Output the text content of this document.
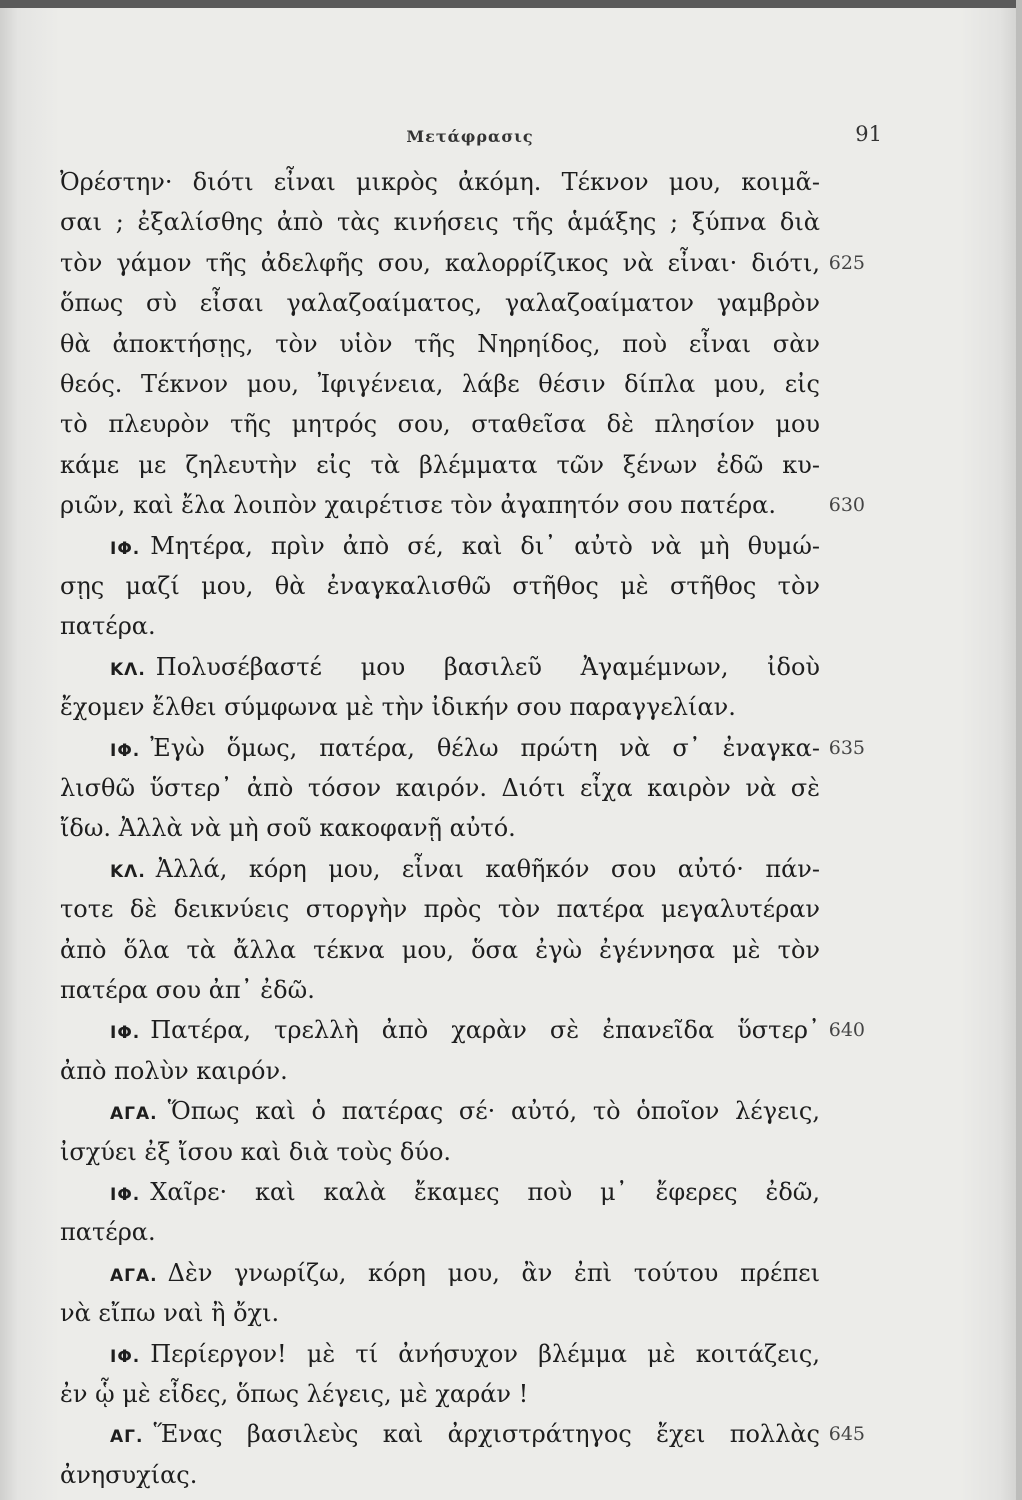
Μετάφρασις	91
Ὀρέστην· διότι εἶναι μικρὸς ἀκόμη. Τέκνον μου, κοιμᾶ-
σαι ; ἐξαλίσθης ἀπὸ τὰς κινήσεις τῆς ἁμάξης ; ξύπνα διὰ
τὸν γάμον τῆς ἀδελφῆς σου, καλορρίζικος νὰ εἶναι· διότι,
ὅπως σὺ εἶσαι γαλαζοαίματος, γαλαζοαίματον γαμβρὸν
θὰ ἀποκτήσῃς, τὸν υἱὸν τῆς Νηρηίδος, ποὺ εἶναι σὰν
θεός. Τέκνον μου, Ἰφιγένεια, λάβε θέσιν δίπλα μου, εἰς
τὸ πλευρὸν τῆς μητρός σου, σταθεῖσα δὲ πλησίον μου
κάμε με ζηλευτὴν εἰς τὰ βλέμματα τῶν ξένων ἐδῶ κυ-
ριῶν, καὶ ἔλα λοιπὸν χαιρέτισε τὸν ἀγαπητόν σου πατέρα.
ΙΦ. Μητέρα, πρὶν ἀπὸ σέ, καὶ δι᾽ αὐτὸ νὰ μὴ θυμώ-
σῃς μαζί μου, θὰ ἐναγκαλισθῶ στῆθος μὲ στῆθος τὸν
πατέρα.
ΚΛ. Πολυσέβαστέ μου βασιλεῦ Ἀγαμέμνων, ἰδοὺ
ἔχομεν ἔλθει σύμφωνα μὲ τὴν ἰδικήν σου παραγγελίαν.
ΙΦ. Ἐγὼ ὅμως, πατέρα, θέλω πρώτη νὰ σ᾽ ἐναγκα-
λισθῶ ὕστερ᾽ ἀπὸ τόσον καιρόν. Διότι εἶχα καιρὸν νὰ σὲ
ἴδω. Ἀλλὰ νὰ μὴ σοῦ κακοφανῇ αὐτό.
ΚΛ. Ἀλλά, κόρη μου, εἶναι καθῆκόν σου αὐτό· πάν-
τοτε δὲ δεικνύεις στοργὴν πρὸς τὸν πατέρα μεγαλυτέραν
ἀπὸ ὅλα τὰ ἄλλα τέκνα μου, ὅσα ἐγὼ ἐγέννησα μὲ τὸν
πατέρα σου ἀπ᾽ ἐδῶ.
ΙΦ. Πατέρα, τρελλὴ ἀπὸ χαρὰν σὲ ἐπανεῖδα ὕστερ᾽
ἀπὸ πολὺν καιρόν.
ΑΓΑ. Ὅπως καὶ ὁ πατέρας σέ· αὐτό, τὸ ὁποῖον λέγεις,
ἰσχύει ἐξ ἴσου καὶ διὰ τοὺς δύο.
ΙΦ. Χαῖρε· καὶ καλὰ ἔκαμες ποὺ μ᾽ ἔφερες ἐδῶ,
πατέρα.
ΑΓΑ. Δὲν γνωρίζω, κόρη μου, ἂν ἐπὶ τούτου πρέπει
νὰ εἴπω ναὶ ἢ ὄχι.
ΙΦ. Περίεργον! μὲ τί ἀνήσυχον βλέμμα μὲ κοιτάζεις,
ἐν ᾧ μὲ εἶδες, ὅπως λέγεις, μὲ χαράν !
ΑΓ. Ἕνας βασιλεὺς καὶ ἀρχιστράτηγος ἔχει πολλὰς
ἀνησυχίας.
625
630
635
640
645
